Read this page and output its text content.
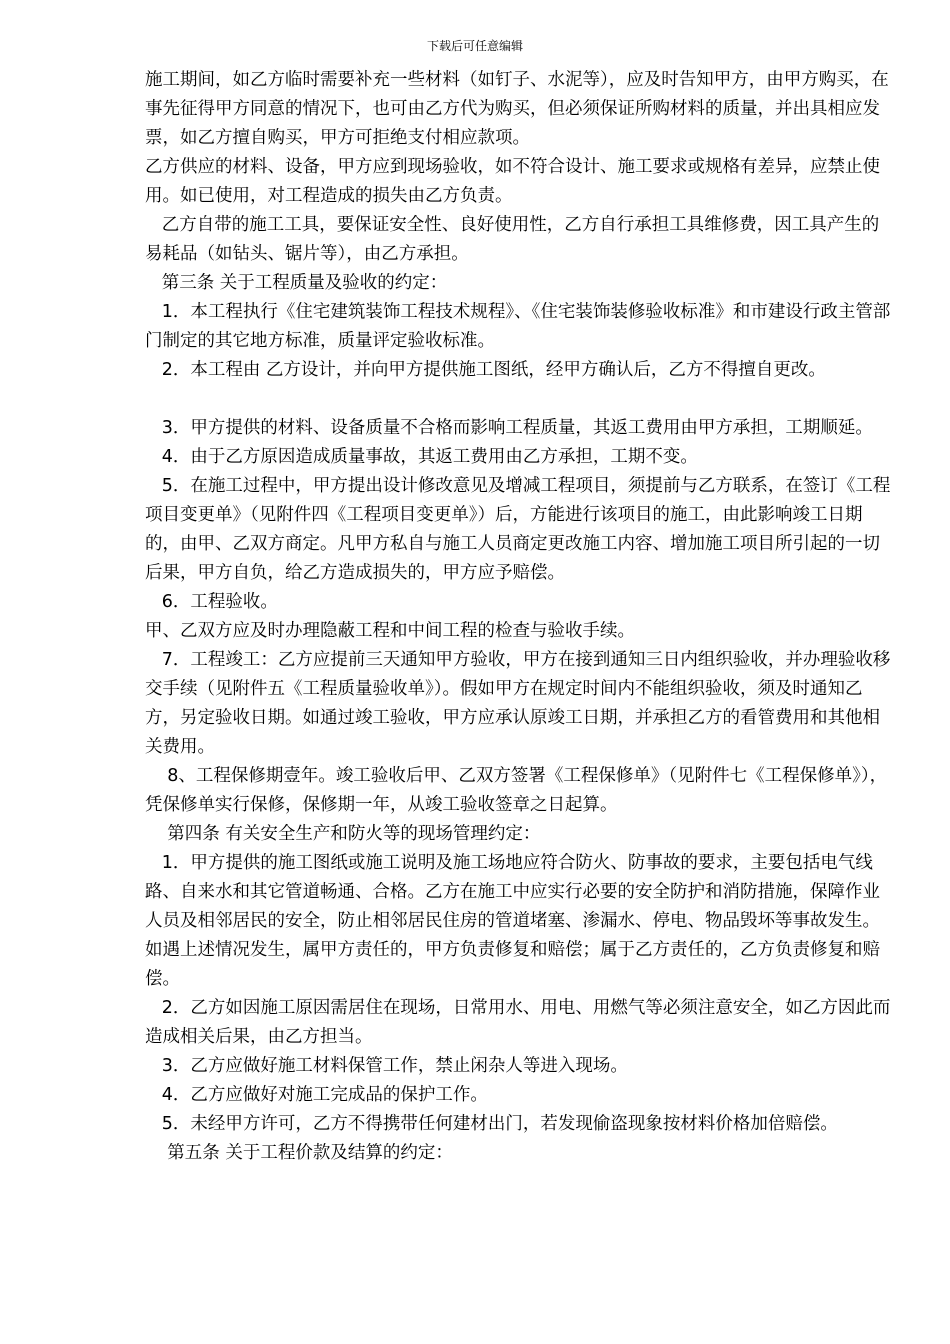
下载后可任意编辑

施工期间，如乙方临时需要补充一些材料（如钉子、水泥等），应及时告知甲方，由甲方购买，在事先征得甲方同意的情况下，也可由乙方代为购买，但必须保证所购材料的质量，并出具相应发票，如乙方擅自购买，甲方可拒绝支付相应款项。

乙方供应的材料、设备，甲方应到现场验收，如不符合设计、施工要求或规格有差异，应禁止使用。如已使用，对工程造成的损失由乙方负责。

乙方自带的施工工具，要保证安全性、良好使用性，乙方自行承担工具维修费，因工具产生的易耗品（如钻头、锯片等），由乙方承担。

第三条 关于工程质量及验收的约定：

1．本工程执行《住宅建筑装饰工程技术规程》、《住宅装饰装修验收标准》和市建设行政主管部门制定的其它地方标准，质量评定验收标准。

2．本工程由 乙方设计，并向甲方提供施工图纸，经甲方确认后，乙方不得擅自更改。

3．甲方提供的材料、设备质量不合格而影响工程质量，其返工费用由甲方承担，工期顺延。

4．由于乙方原因造成质量事故，其返工费用由乙方承担，工期不变。

5．在施工过程中，甲方提出设计修改意见及增减工程项目，须提前与乙方联系，在签订《工程项目变更单》（见附件四《工程项目变更单》）后，方能进行该项目的施工，由此影响竣工日期的，由甲、乙双方商定。凡甲方私自与施工人员商定更改施工内容、增加施工项目所引起的一切后果，甲方自负，给乙方造成损失的，甲方应予赔偿。

6．工程验收。

甲、乙双方应及时办理隐蔽工程和中间工程的检查与验收手续。

7．工程竣工：乙方应提前三天通知甲方验收，甲方在接到通知三日内组织验收，并办理验收移交手续（见附件五《工程质量验收单》）。假如甲方在规定时间内不能组织验收，须及时通知乙方，另定验收日期。如通过竣工验收，甲方应承认原竣工日期，并承担乙方的看管费用和其他相关费用。

8、工程保修期壹年。竣工验收后甲、乙双方签署《工程保修单》（见附件七《工程保修单》），凭保修单实行保修，保修期一年，从竣工验收签章之日起算。

第四条 有关安全生产和防火等的现场管理约定：

1．甲方提供的施工图纸或施工说明及施工场地应符合防火、防事故的要求，主要包括电气线路、自来水和其它管道畅通、合格。乙方在施工中应实行必要的安全防护和消防措施，保障作业人员及相邻居民的安全，防止相邻居民住房的管道堵塞、渗漏水、停电、物品毁坏等事故发生。如遇上述情况发生，属甲方责任的，甲方负责修复和赔偿；属于乙方责任的，乙方负责修复和赔偿。

2．乙方如因施工原因需居住在现场，日常用水、用电、用燃气等必须注意安全，如乙方因此而造成相关后果，由乙方担当。

3．乙方应做好施工材料保管工作，禁止闲杂人等进入现场。

4．乙方应做好对施工完成品的保护工作。

5．未经甲方许可，乙方不得携带任何建材出门，若发现偷盗现象按材料价格加倍赔偿。

第五条 关于工程价款及结算的约定：
